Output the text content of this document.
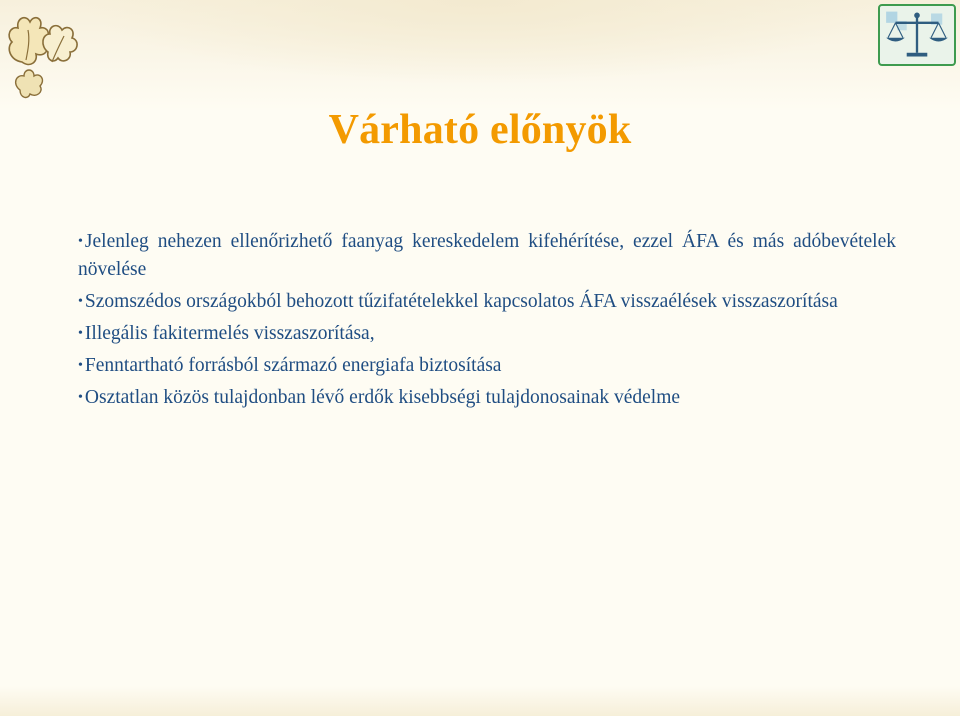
Várható előnyök
• Jelenleg nehezen ellenőrizhető faanyag kereskedelem kifehérítése, ezzel ÁFA és más adóbevételek növelése
• Szomszédos országokból behozott tűzifatételekkel kapcsolatos ÁFA visszaélések visszaszorítása
• Illegális fakitermelés visszaszorítása,
• Fenntartható forrásból származó energiafa biztosítása
• Osztatlan közös tulajdonban lévő erdők kisebbségi tulajdonosainak védelme
